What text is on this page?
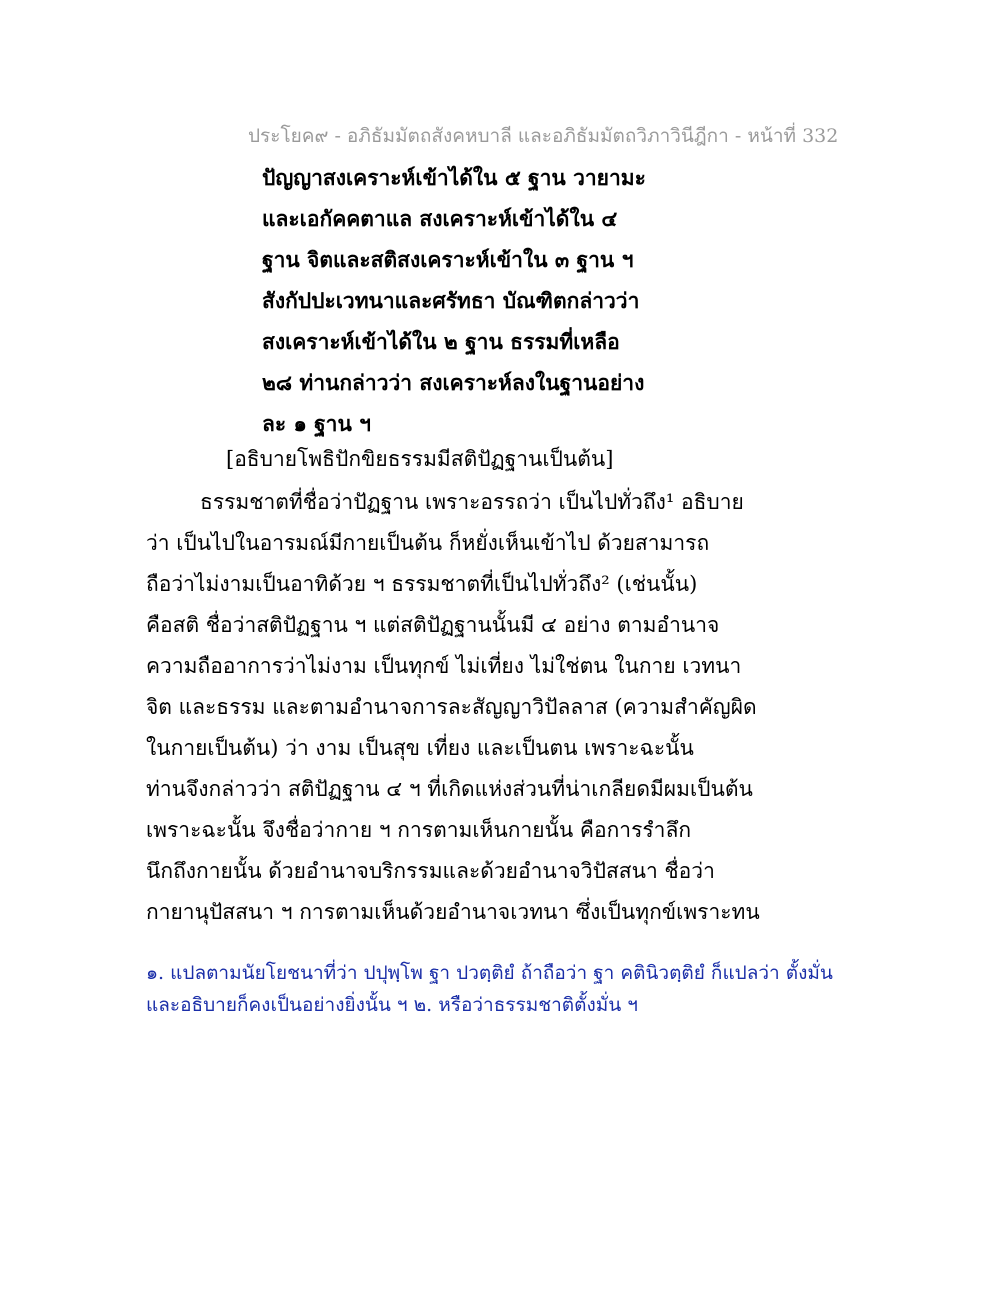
ประโยค๙ - อภิธัมมัตถสังคหบาลี และอภิธัมมัตถวิภาวินีฎีกา - หน้าที่ 332
ปัญญาสงเคราะห์เข้าได้ใน ๕ ฐาน วายามะ
และเอกัคคตาแล สงเคราะห์เข้าได้ใน ๔
ฐาน จิตและสติสงเคราะห์เข้าใน ๓ ฐาน ฯ
สังกัปปะเวทนาและศรัทธา บัณฑิตกล่าวว่า
สงเคราะห์เข้าได้ใน ๒ ฐาน ธรรมที่เหลือ
๒๘ ท่านกล่าวว่า สงเคราะห์ลงในฐานอย่าง
ละ ๑ ฐาน ฯ
[อธิบายโพธิปักขิยธรรมมีสติปัฏฐานเป็นต้น]
ธรรมชาตที่ชื่อว่าปัฏฐาน เพราะอรรถว่า เป็นไปทั่วถึง¹ อธิบาย
ว่า เป็นไปในอารมณ์มีกายเป็นต้น ก็หยั่งเห็นเข้าไป ด้วยสามารถ
ถือว่าไม่งามเป็นอาทิด้วย ฯ ธรรมชาตที่เป็นไปทั่วถึง² (เช่นนั้น)
คือสติ ชื่อว่าสติปัฏฐาน ฯ แต่สติปัฏฐานนั้นมี ๔ อย่าง ตามอำนาจ
ความถืออาการว่าไม่งาม เป็นทุกข์ ไม่เที่ยง ไม่ใช่ตน ในกาย เวทนา
จิต และธรรม และตามอำนาจการละสัญญาวิปัลลาส (ความสำคัญผิด
ในกายเป็นต้น) ว่า งาม เป็นสุข เที่ยง และเป็นตน เพราะฉะนั้น
ท่านจึงกล่าวว่า สติปัฏฐาน ๔ ฯ ที่เกิดแห่งส่วนที่น่าเกลียดมีผมเป็นต้น
เพราะฉะนั้น จึงชื่อว่ากาย ฯ การตามเห็นกายนั้น คือการรำลึก
นึกถึงกายนั้น ด้วยอำนาจบริกรรมและด้วยอำนาจวิปัสสนา ชื่อว่า
กายานุปัสสนา ฯ การตามเห็นด้วยอำนาจเวทนา ซึ่งเป็นทุกข์เพราะทน
๑. แปลตามนัยโยชนาที่ว่า ปปุพฺโพ ฐา ปวตฺติยํ ถ้าถือว่า ฐา คตินิวตฺติยํ ก็แปลว่า ตั้งมั่น
และอธิบายก็คงเป็นอย่างยิ่งนั้น ฯ ๒. หรือว่าธรรมชาติตั้งมั่น ฯ
